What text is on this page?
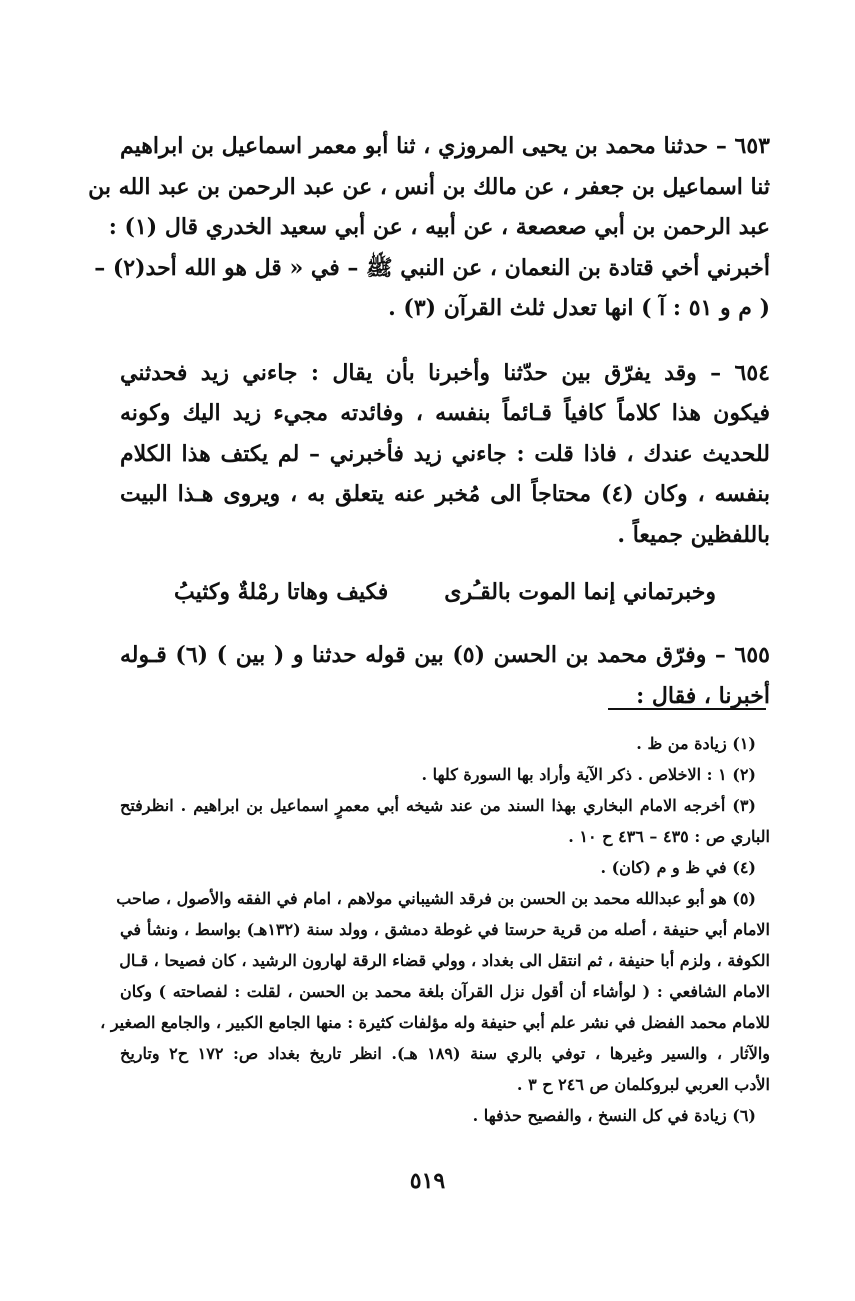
٦٥٣ – حدثنا محمد بن يحيى المروزي ، ثنا أبو معمر اسماعيل بن ابراهيم
ثنا اسماعيل بن جعفر ، عن مالك بن أنس ، عن عبد الرحمن بن عبد الله بن
عبد الرحمن بن أبي صعصعة ، عن أبيه ، عن أبي سعيد الخدري قال (١) :
أخبرني أخي قتادة بن النعمان ، عن النبي ﷺ – في « قل هو الله أحد(٢) –
( م و ٥١ : آ ) انها تعدل ثلث القرآن (٣) .

٦٥٤ – وقد يفرّق بين حدّثنا وأخبرنا بأن يقال : جاءني زيد فحدثني
فيكون هذا كلاماً كافياً قـائماً بنفسه ، وفائدته مجيء زيد اليك وكونه
للحديث عندك ، فاذا قلت : جاءني زيد فأخبرني – لم يكتف هذا الكلام
بنفسه ، وكان (٤) محتاجاً الى مُخبر عنه يتعلق به ، ويروى هـذا البيت
باللفظين جميعاً .

وخبرتماني إنما الموت بالقـُرى
فكيف وهاتا رمْلةٌ وكثيبُ

٦٥٥ – وفرّق محمد بن الحسن (٥) بين قوله حدثنا و ( بين ) (٦) قـوله
أخبرنا ، فقال :

(١) زيادة من ظ .

(٢) ١ : الاخلاص . ذكر الآية وأراد بها السورة كلها .

(٣) أخرجه الامام البخاري بهذا السند من عند شيخه أبي معمرٍ اسماعيل بن ابراهيم . انظرفتح
الباري ص : ٤٣٥ – ٤٣٦ ح ١٠ .

(٤) في ظ و م (كان) .

(٥) هو أبو عبدالله محمد بن الحسن بن فرقد الشيباني مولاهم ، امام في الفقه والأصول ، صاحب
الامام أبي حنيفة ، أصله من قرية حرستا في غوطة دمشق ، وولد سنة (١٣٢هـ) بواسط ، ونشأ في
الكوفة ، ولزم أبا حنيفة ، ثم انتقل الى بغداد ، وولي قضاء الرقة لهارون الرشيد ، كان فصيحا ، قـال
الامام الشافعي : ( لوأشاء أن أقول نزل القرآن بلغة محمد بن الحسن ، لقلت : لفصاحته ) وكان
للامام محمد الفضل في نشر علم أبي حنيفة وله مؤلفات كثيرة : منها الجامع الكبير ، والجامع الصغير ،
والآثار ، والسير وغيرها ، توفي بالري سنة (١٨٩ هـ). انظر تاريخ بغداد ص: ١٧٢ ح٢ وتاريخ
الأدب العربي لبروكلمان ص ٢٤٦ ح ٣ .

(٦) زيادة في كل النسخ ، والفصيح حذفها .

٥١٩
